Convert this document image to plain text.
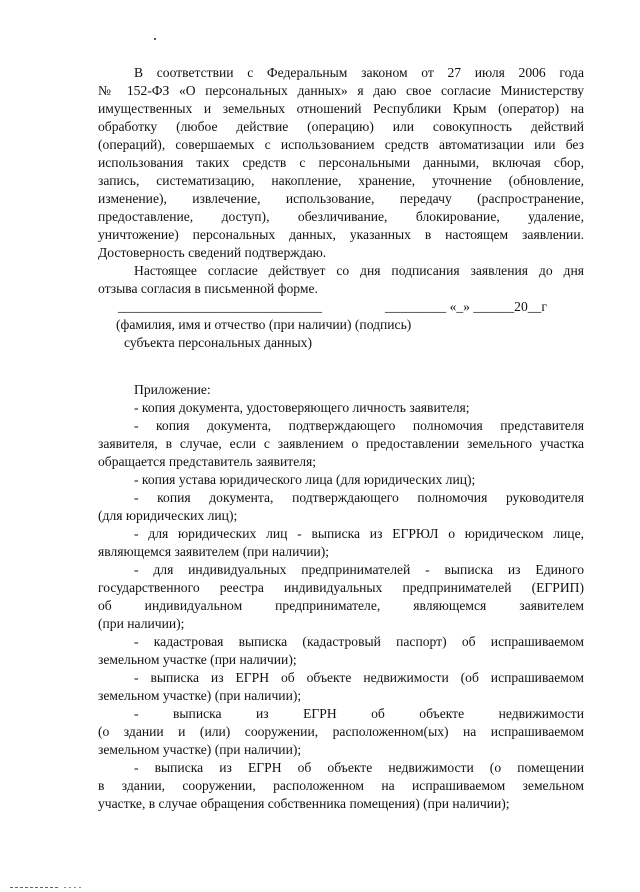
В соответствии с Федеральным законом от 27 июля 2006 года
№ 152-ФЗ «О персональных данных» я даю свое согласие Министерству
имущественных и земельных отношений Республики Крым (оператор) на
обработку (любое действие (операцию) или совокупность действий
(операций), совершаемых с использованием средств автоматизации или без
использования таких средств с персональными данными, включая сбор,
запись, систематизацию, накопление, хранение, уточнение (обновление,
изменение), извлечение, использование, передачу (распространение,
предоставление, доступ), обезличивание, блокирование, удаление,
уничтожение) персональных данных, указанных в настоящем заявлении.
Достоверность сведений подтверждаю.
Настоящее согласие действует со дня подписания заявления до дня
отзыва согласия в письменной форме.
______________________________	_________ «_» ______20__г
(фамилия, имя и отчество (при наличии) (подпись)
субъекта персональных данных)
Приложение:
- копия документа, удостоверяющего личность заявителя;
- копия документа, подтверждающего полномочия представителя
заявителя, в случае, если с заявлением о предоставлении земельного участка
обращается представитель заявителя;
- копия устава юридического лица (для юридических лиц);
- копия документа, подтверждающего полномочия руководителя
(для юридических лиц);
- для юридических лиц - выписка из ЕГРЮЛ о юридическом лице,
являющемся заявителем (при наличии);
- для индивидуальных предпринимателей - выписка из Единого
государственного реестра индивидуальных предпринимателей (ЕГРИП)
об индивидуальном предпринимателе, являющемся заявителем
(при наличии);
- кадастровая выписка (кадастровый паспорт) об испрашиваемом
земельном участке (при наличии);
- выписка из ЕГРН об объекте недвижимости (об испрашиваемом
земельном участке) (при наличии);
- выписка из ЕГРН об объекте недвижимости
(о здании и (или) сооружении, расположенном(ых) на испрашиваемом
земельном участке) (при наличии);
- выписка из ЕГРН об объекте недвижимости (о помещении
в здании, сооружении, расположенном на испрашиваемом земельном
участке, в случае обращения собственника помещения) (при наличии);
